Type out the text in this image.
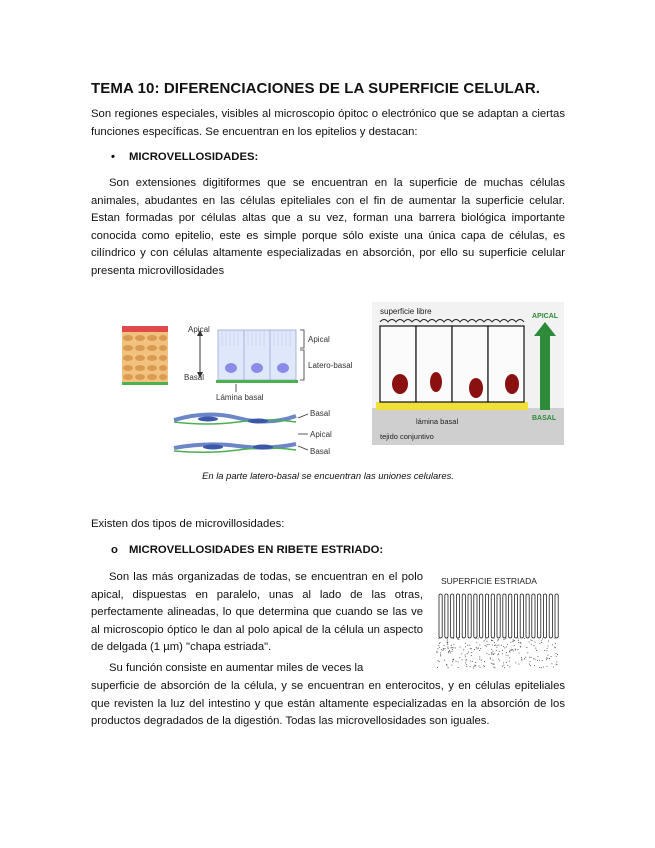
TEMA 10: DIFERENCIACIONES DE LA SUPERFICIE CELULAR.
Son regiones especiales, visibles al microscopio ópitoc o electrónico que se adaptan a ciertas funciones específicas. Se encuentran en los epitelios y destacan:
• MICROVELLOSIDADES:
Son extensiones digitiformes que se encuentran en la superficie de muchas células animales, abudantes en las células epiteliales con el fin de aumentar la superficie celular. Estan formadas por células altas que a su vez, forman una barrera biológica importante conocida como epitelio, este es simple porque sólo existe una única capa de células, es cilíndrico y con células altamente especializadas en absorción, por ello su superficie celular presenta microvillosidades
Apical
Basal
Apical
Latero-basal
Lámina basal
Basal
Apical
Basal
superficie libre
APICAL
BASAL
lámina basal
tejido conjuntivo
En la parte latero-basal se encuentran las uniones celulares.
Existen dos tipos de microvillosidades:
o MICROVELLOSIDADES EN RIBETE ESTRIADO:
Son las más organizadas de todas, se encuentran en el polo apical, dispuestas en paralelo, unas al lado de las otras, perfectamente alineadas, lo que determina que cuando se las ve al microscopio óptico le dan al polo apical de la célula un aspecto de delgada (1 µm) "chapa estriada".
SUPERFICIE ESTRIADA
Su función consiste en aumentar miles de veces la
superficie de absorción de la célula, y se encuentran en enterocitos, y en células epiteliales que revisten la luz del intestino y que están altamente especializadas en la absorción de los productos degradados de la digestión. Todas las microvellosidades son iguales.
